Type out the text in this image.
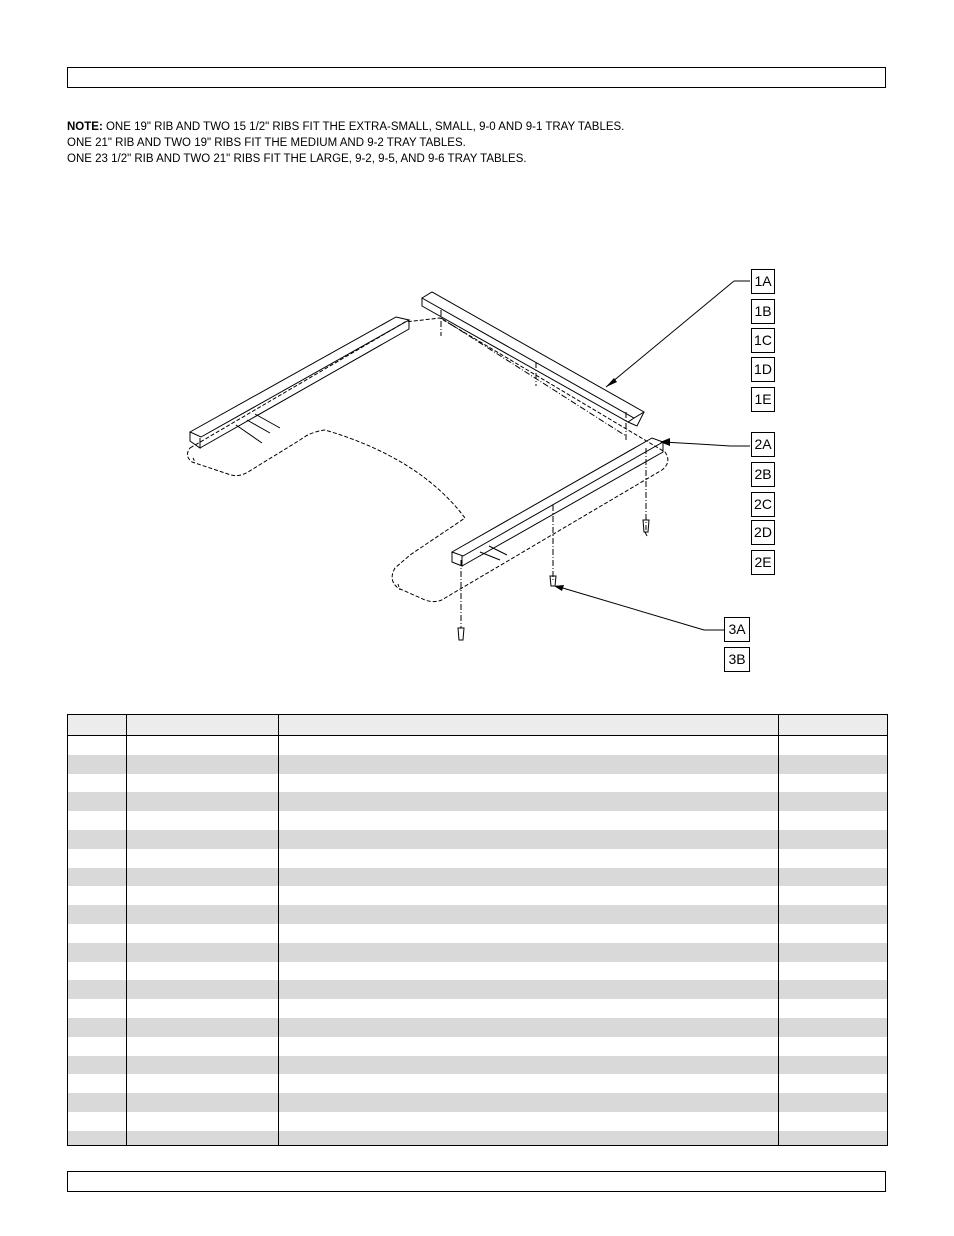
NOTE: ONE 19" RIB AND TWO 15 1/2" RIBS FIT THE EXTRA-SMALL, SMALL, 9-0 AND 9-1 TRAY TABLES.

ONE 21" RIB AND TWO 19" RIBS FIT THE MEDIUM AND 9-2 TRAY TABLES.

ONE 23 1/2" RIB AND TWO 21" RIBS FIT THE LARGE, 9-2, 9-5, AND 9-6 TRAY TABLES.

1A
1B
1C
1D
1E
2A
2B
2C
2D
2E
3A
3B
